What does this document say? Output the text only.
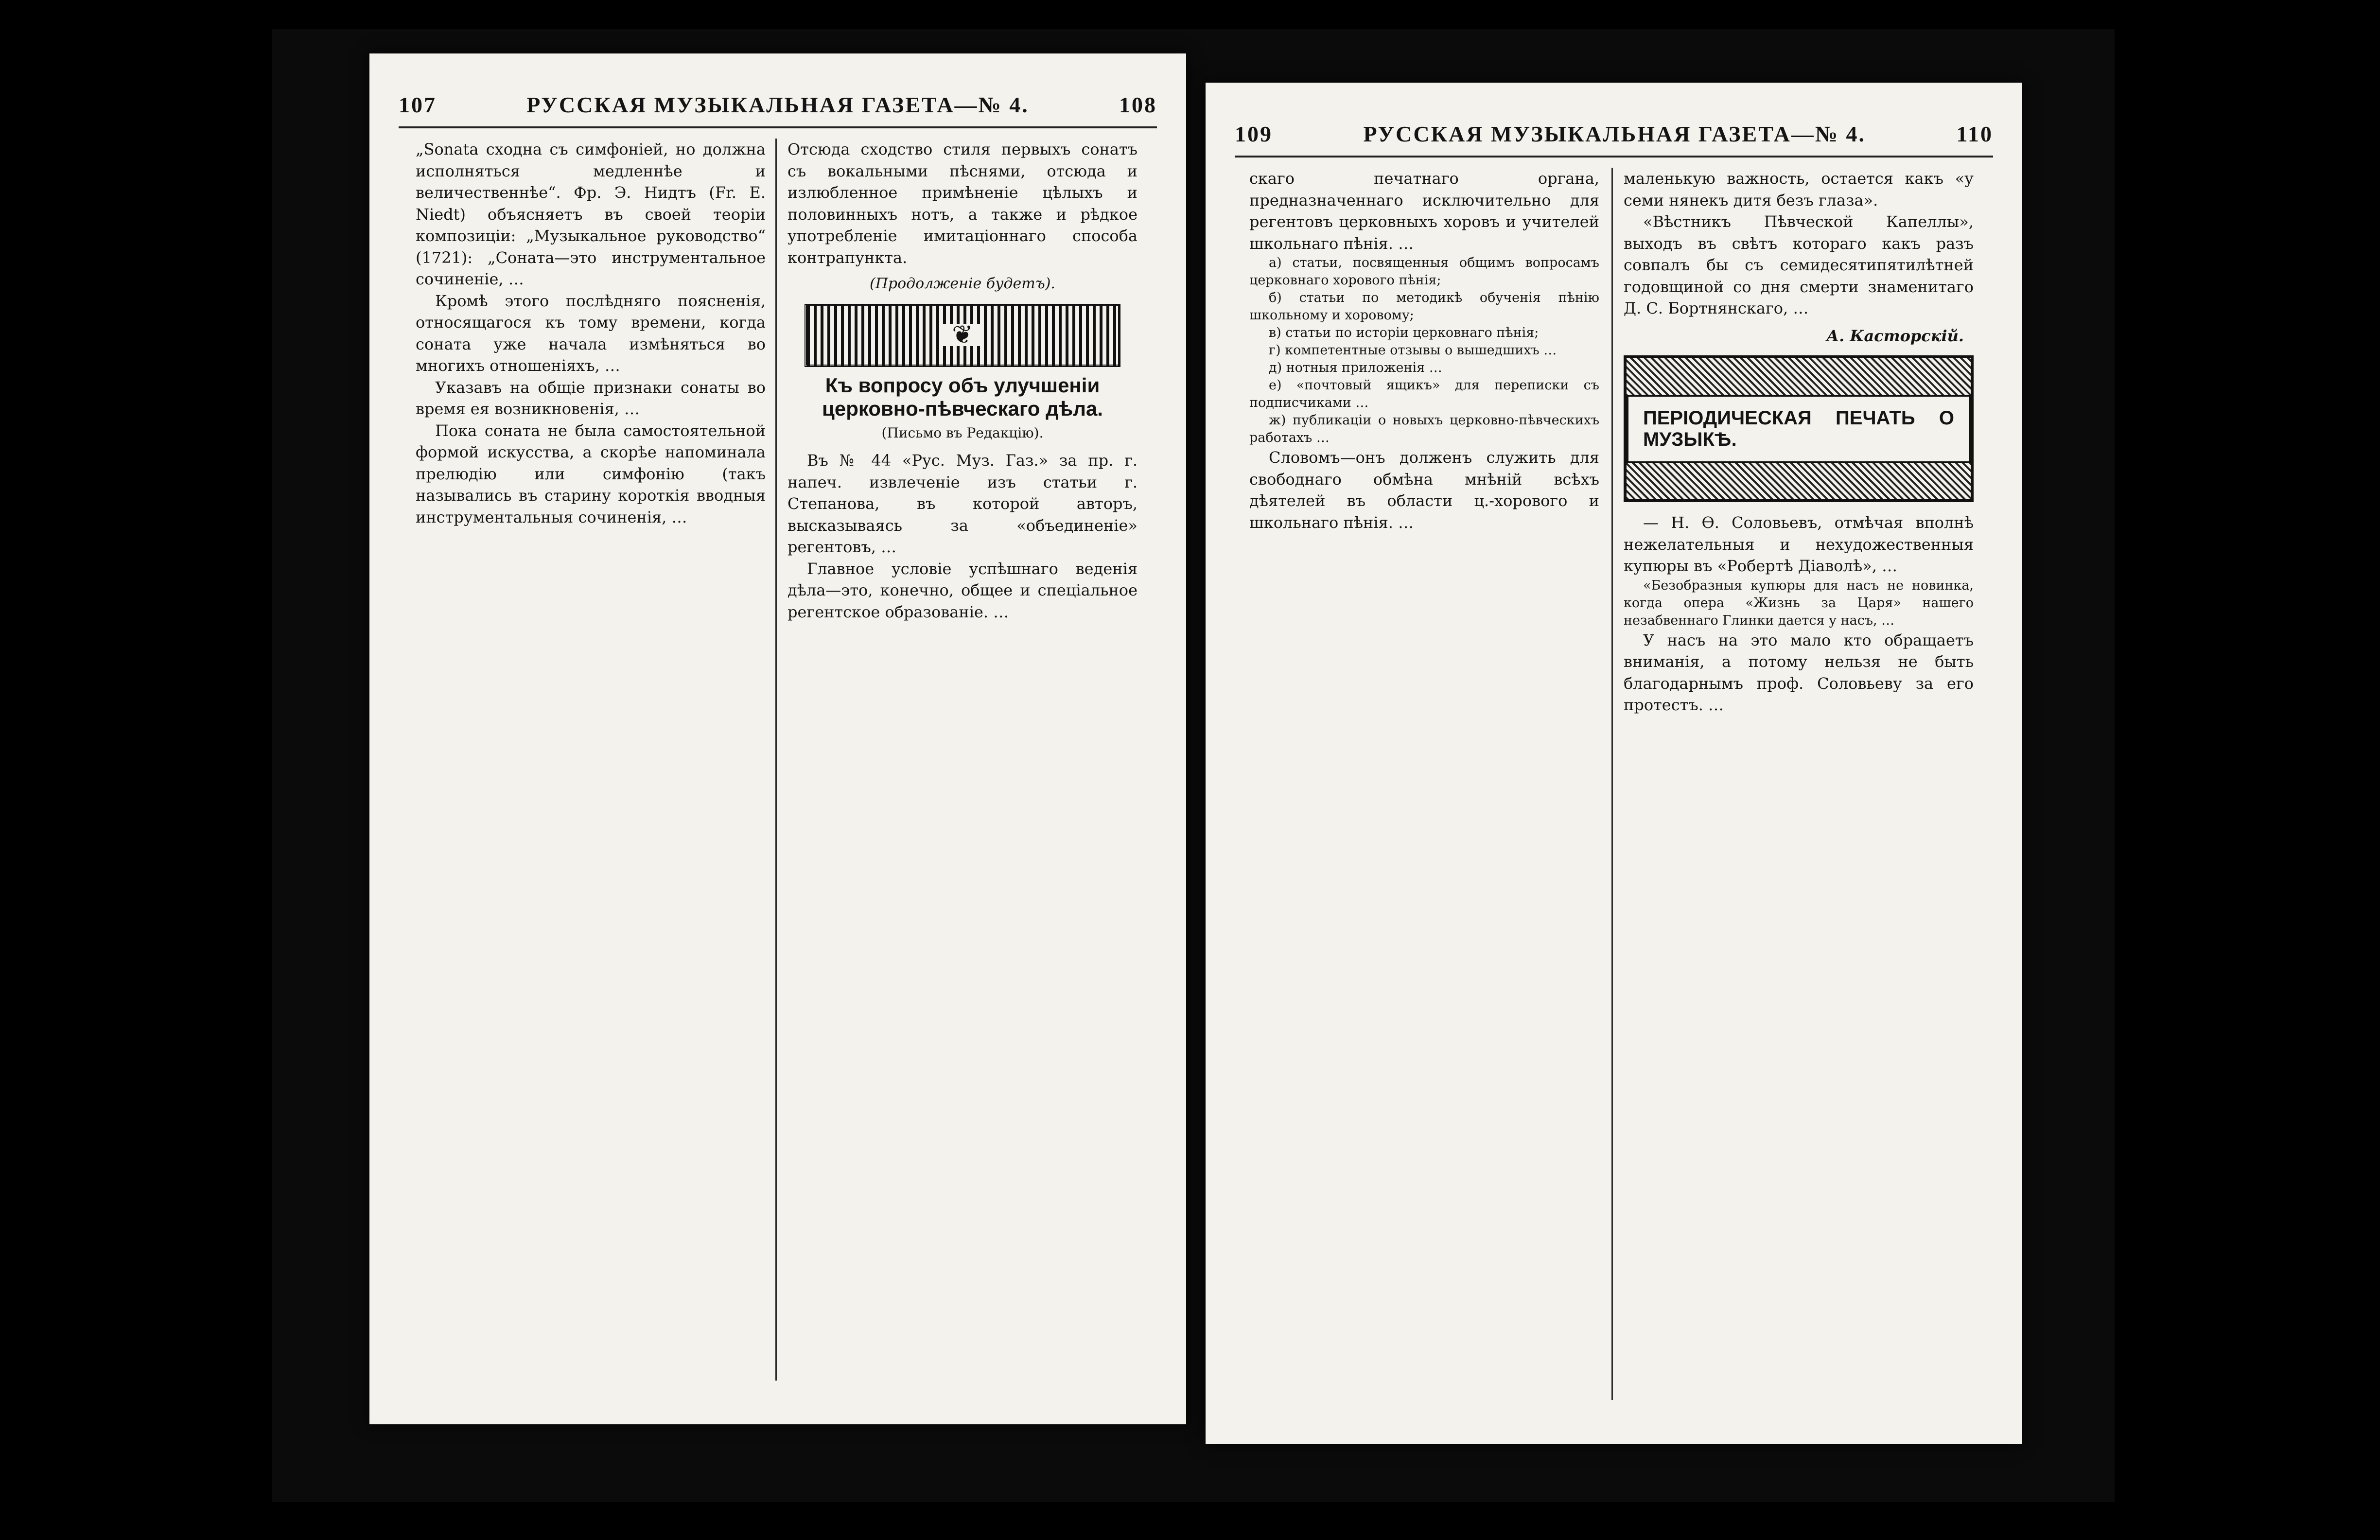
107	РУССКАЯ МУЗЫКАЛЬНАЯ ГАЗЕТА—№ 4.	108

„Sonata сходна съ симфоніей, но должна исполняться медленнѣе и величественнѣе“. Фр. Э. Нидтъ (Fr. E. Niedt) объясняетъ въ своей теоріи композиціи: „Музыкальное руководство“ (1721): „Соната—это инструментальное сочиненіе, …

Кромѣ этого послѣдняго поясненія, относящагося къ тому времени, когда соната уже начала измѣняться во многихъ отношеніяхъ, …

Указавъ на общіе признаки сонаты во время ея возникновенія, …

Пока соната не была самостоятельной формой искусства, а скорѣе напоминала прелюдію или симфонію (такъ назывались въ старину короткія вводныя инструментальныя сочиненія, …

Отсюда сходство стиля первыхъ сонатъ съ вокальными пѣснями, отсюда и излюбленное примѣненіе цѣлыхъ и половинныхъ нотъ, а также и рѣдкое употребленіе имитаціоннаго способа контрапункта.

(Продолженіе будетъ).
❦
Къ вопросу объ улучшеніи церковно-пѣвческаго дѣла.
(Письмо въ Редакцію).

Въ № 44 «Рус. Муз. Газ.» за пр. г. напеч. извлеченіе изъ статьи г. Степанова, въ которой авторъ, высказываясь за «объединеніе» регентовъ, …

Главное условіе успѣшнаго веденія дѣла—это, конечно, общее и спеціальное регентское образованіе. …

109	РУССКАЯ МУЗЫКАЛЬНАЯ ГАЗЕТА—№ 4.	110

скаго печатнаго органа, предназначеннаго исключительно для регентовъ церковныхъ хоровъ и учителей школьнаго пѣнія. …

а) статьи, посвященныя общимъ вопросамъ церковнаго хорового пѣнія;

б) статьи по методикѣ обученія пѣнію школьному и хоровому;

в) статьи по исторіи церковнаго пѣнія;

г) компетентные отзывы о вышедшихъ …

д) нотныя приложенія …

е) «почтовый ящикъ» для переписки съ подписчиками …

ж) публикаціи о новыхъ церковно-пѣвческихъ работахъ …

Словомъ—онъ долженъ служить для свободнаго обмѣна мнѣній всѣхъ дѣятелей въ области ц.-хорового и школьнаго пѣнія. …

маленькую важность, остается какъ «у семи нянекъ дитя безъ глаза».

«Вѣстникъ Пѣвческой Капеллы», выходъ въ свѣтъ котораго какъ разъ совпалъ бы съ семидесятипятилѣтней годовщиной со дня смерти знаменитаго Д. С. Бортнянскаго, …

А. Касторскій.
ПЕРІОДИЧЕСКАЯ ПЕЧАТЬ О МУЗЫКѢ.

— Н. Ѳ. Соловьевъ, отмѣчая вполнѣ нежелательныя и нехудожественныя купюры въ «Робертѣ Діаволѣ», …

«Безобразныя купюры для насъ не новинка, когда опера «Жизнь за Царя» нашего незабвеннаго Глинки дается у насъ, …

У насъ на это мало кто обращаетъ вниманія, а потому нельзя не быть благодарнымъ проф. Соловьеву за его протестъ. …
